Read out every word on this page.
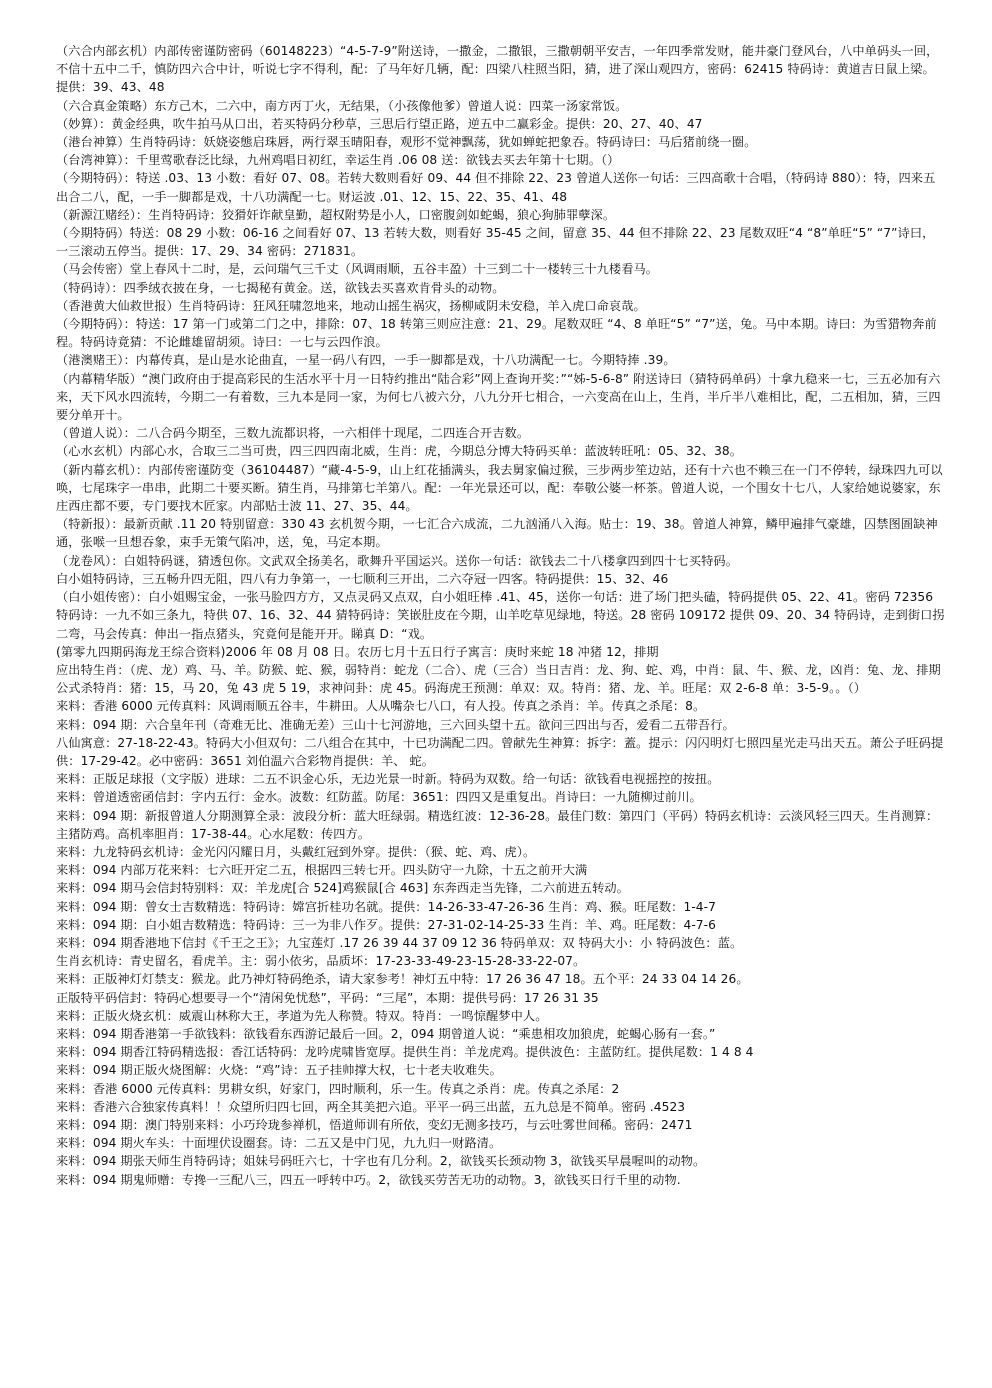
（六合内部玄机）内部传密谨防密码（60148223）“4-5-7-9”附送诗，一撒金，二撒银，三撒朝朝平安吉，一年四季常发财，能井豪门登风台，八中单码头一回，不信十五中二千，慎防四六合中计，听说七字不得利，配：了马年好几辆，配：四梁八柱照当阳，猜，进了深山观四方，密码：62415 特码诗：黄道吉日鼠上梁。提供：39、43、48

（六合真金策略）东方己木，二六中，南方丙丁火，无结果，（小孩像他爹）曾道人说：四菜一汤家常饭。

（妙算）：黄金经典，吹牛拍马从口出，若买特码分秒草，三思后行望正路，逆五中二赢彩金。提供：20、27、40、47

（港台神算）生肖特码诗：妖娆姿態启珠唇，两行翠玉晴阳春，观形不觉神飘荡，犹如蝉蛇把象吞。特码诗曰：马后猪前绕一圈。

（台湾神算）：千里莺歌春泛比绿，九州鸡唱日初红，幸运生肖 .06 08 送：欲钱去买去年第十七期。（）

（今期特码）：特送 .03、13 小数：看好 07、08。若转大数则看好 09、44 但不排除 22、23 曾道人送你一句话：三四高歌十合唱，（特码诗 880）：特，四来五出合二八，配，一手一脚都是戏，十八功满配一七。财运波 .01、12、15、22、35、41、48

（新源江赌经）：生肖特码诗：狡猾奸诈献皇勤，超权附势是小人，口密腹剑如蛇蝎，狼心狗肺罪孽深。

（今期特码）特送：08 29 小数：06-16 之间看好 07、13 若转大数，则看好 35-45 之间，留意 35、44 但不排除 22、23 尾数双旺“4 “8”单旺“5” “7”诗曰，一三滚动五停当。提供：17、29、34 密码：271831。

（马会传密）堂上春风十二时，是，云问瑞气三千丈（风调雨顺，五谷丰盈）十三到二十一楼转三十九楼看马。

（特码诗）：四季绒衣披在身，一七揭秘有黄金。送，欲钱去买喜欢肯骨头的动物。

（香港黄大仙救世报）生肖特码诗：狂风狂啸忽地来，地动山摇生祸灾，扬柳咸阴未安稳，羊入虎口命哀哉。

（今期特码）：特送：17 第一门或第二门之中，排除：07、18 转第三则应注意：21、29。尾数双旺 “4、8 单旺“5” “7”送，兔。马中本期。诗曰：为雪猎物奔前程。特码诗竟猜：不论雌雄留胡须。诗曰：一七与云四作浪。

（港澳赌王）：内幕传真，是山是水论曲直，一星一码八有四，一手一脚都是戏，十八功满配一七。今期特捧 .39。

（内幕精华版）“澳门政府由于提高彩民的生活水平十月一日特约推出“陆合彩”网上查询开奖：”“姊-5-6-8” 附送诗曰（猜特码单码）十拿九稳来一七，三五必加有六来，天下风水四流转，今期二一有着数，三九本是同一家，为何七八被六分，八九分开七相合，一六变高在山上，生肖，半斤半八难相比，配，二五相加，猜，三四要分单开十。

（曾道人说）：二八合码今期至，三数九流都识将，一六相伴十现尾，二四连合开吉数。

（心水玄机）内部心水，合取三二当可贵，四三四四南北威，生肖：虎，今期总分博大特码买单：蓝波转旺吼：05、32、38。

（新内幕玄机）：内部传密谨防变（36104487）“藏-4-5-9，山上红花插满头，我去舅家偏过猴，三步两步笙边站，还有十六也不赖三在一门不停转，绿珠四九可以唤，七尾珠字一串串，此期二十要买断。猜生肖，马排第七羊第八。配：一年光景还可以，配：奉敬公婆一杯茶。曾道人说，一个围女十七八，人家给她说婆家，东庄西庄都不要，专门要找木匠家。内部贴士波 11、27、35、44。

（特新报）：最新贡献 .11 20 特别留意：330 43 玄机贺今期，一七汇合六成流，二九汹涌八入海。贴士：19、38。曾道人神算，鳞甲遍排气豪雄，囚禁图圄缺神通，张喉一旦想吞象，束手无策气陷冲，送，兔，马定本期。

（龙卷风）：白姐特码谜，猜透包你。文武双全扬美名，歌舞升平国运兴。送你一句话：欲钱去二十八楼拿四到四十七买特码。

白小姐特码诗，三五畅升四无阻，四八有力争第一，一七顺利三开出，二六夺冠一四客。特码提供：15、32、46

（白小姐传密）：白小姐赐宝金，一张马脸四方方，又点灵码又点双，白小姐旺棒 .41、45，送你一句话：进了场门把头磕，特码提供 05、22、41。密码 72356 特码诗：一九不如三条九，特供 07、16、32、44 猜特码诗：笑嵌肚皮在今期，山羊吃草见绿地，特送。28 密码 109172 提供 09、20、34 特码诗，走到街口拐二弯，马会传真：伸出一指点猪头，究竟何是能开开。睇真 D：“戏。

(第零九四期码海龙王综合资料)2006 年 08 月 08 日。农历七月十五日行子寓言：庚时来蛇 18 冲猪 12，排期

应出特生肖：（虎、龙）鸡、马、羊。防猴、蛇、猴，弱特肖：蛇龙（二合）、虎（三合）当日吉肖：龙、狗、蛇、鸡，中肖：鼠、牛、猴、龙，凶肖：兔、龙、排期公式杀特肖：猪：15，马 20，兔 43 虎 5 19，求神问卦：虎 45。码海虎王预测：单双：双。特肖：猪、龙、羊。旺尾：双 2-6-8 单：3-5-9。。（）

来料：香港 6000 元传真料：风调雨顺五谷丰，牛耕田。人从嘴杂七八口，有人投。传真之杀肖：羊。传真之杀尾：8。

来料：094 期：六合皇年刊（奇难无比、准确无差）三山十七河游地，三六回头望十五。欲问三四出与否，爱看二五带吾行。

八仙寓意：27-18-22-43。特码大小但双句：二八组合在其中，十已功满配二四。曾献先生神算：拆字：蓋。提示：闪闪明灯七照四星光走马出天五。萧公子旺码提供：17-29-42。必中密码：3651 刘伯温六合彩物肖提供：羊、 蛇。

来料：正版足球报（文字版）进球：二五不识金心乐，无边光景一时新。特码为双数。给一句话：欲钱看电视摇控的按扭。

来料：曾道透密函信封：字内五行：金水。波数：红防蓝。防尾：3651：四四又是重复出。肖诗曰：一九随柳过前川。

来料：094 期：新报曾道人分期测算全录：波段分析：蓝大旺绿弱。精选红波：12-36-28。最佳门数：第四门（平码）特码玄机诗：云淡风轻三四天。生肖测算：主猪防鸡。高机率胆肖：17-38-44。心水尾数：传四方。

来料：九龙特码玄机诗：金光闪闪耀日月，头戴红冠到外穿。提供：（猴、蛇、鸡、虎）。

来料：094 内部万花来料：七六旺开定二五，根据四三转七开。四头防守一九除，十五之前开大满

来料：094 期马会信封特别料：双：羊龙虎[合 524]鸡猴鼠[合 463] 东奔西走当先锋，二六前进五转动。

来料：094 期：曾女士吉数精选：特码诗：嫦宫折桂功名就。提供：14-26-33-47-26-36 生肖：鸡、猴。旺尾数：1-4-7

来料：094 期：白小姐吉数精选：特码诗：三一为非八作歹。提供：27-31-02-14-25-33 生肖：羊、鸡。旺尾数：4-7-6

来料：094 期香港地下信封《千王之王》；九宝莲灯 .17 26 39 44 37 09 12 36 特码单双：双 特码大小：小 特码波色：蓝。

生肖玄机诗：青史留名，看虎羊。主：弱小依劣，品质坏：17-23-33-49-23-15-28-33-22-07。

来料：正版神灯灯禁支：猴龙。此乃神灯特码绝杀，请大家参考！神灯五中特：17 26 36 47 18。五个平：24 33 04 14 26。

正版特平码信封：特码心想要寻一个“清闲免忧愁”，平码：“三尾”，本期：提供号码：17 26 31 35

来料：正版火烧玄机：威震山林称大王，孝道为先人称赞。特双。特肖：一鸣惊醒梦中人。

来料：094 期香港第一手欲钱料：欲钱看东西游记最后一回。2，094 期曾道人说：“乘患相攻加狼虎，蛇蝎心肠有一套。”

来料：094 期香江特码精选报：香江话特码：龙吟虎啸皆宽厚。提供生肖：羊龙虎鸡。提供波色：主蓝防红。提供尾数：1 4 8 4

来料：094 期正版火烧图解：火烧：“鸡”诗：五子挂帅撑大权，七十老夫收难失。

来料：香港 6000 元传真料：男耕女织，好家门，四时顺利，乐一生。传真之杀肖：虎。传真之杀尾：2

来料：香港六合独家传真料！！众望所归四七回，两全其美把六追。平平一码三出蓝，五九总是不简单。密码 .4523

来料：094 期：澳门特别来料：小巧玲珑参禅机，悟道师训有所依，变幻无测多技巧，与云吐雾世间稀。密码：2471

来料：094 期火车头：十面埋伏设圈套。诗：二五又是中门见，九九归一财路清。

来料：094 期张天师生肖特码诗；姐妹号码旺六七，十字也有几分利。2，欲钱买长颈动物 3，欲钱买早晨喔叫的动物。

来料：094 期鬼师赠：专搀一三配八三，四五一呼转中巧。2，欲钱买劳苦无功的动物。3，欲钱买日行千里的动物.
